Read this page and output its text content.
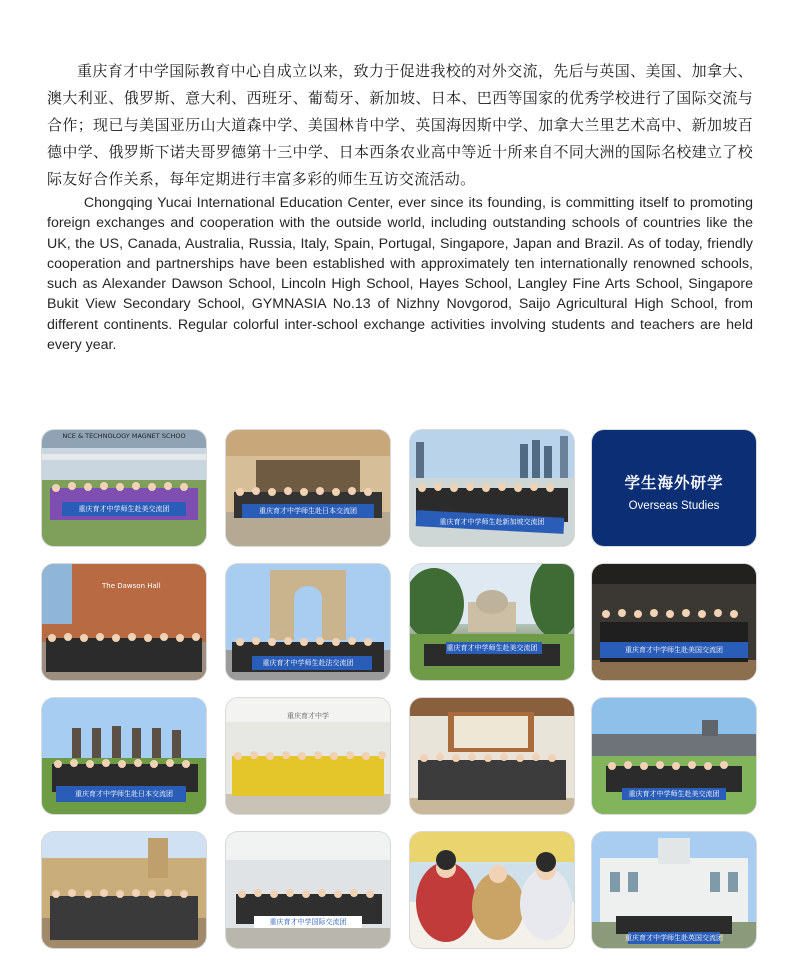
重庆育才中学国际教育中心自成立以来，致力于促进我校的对外交流，先后与英国、美国、加拿大、澳大利亚、俄罗斯、意大利、西班牙、葡萄牙、新加坡、日本、巴西等国家的优秀学校进行了国际交流与合作；现已与美国亚历山大道森中学、美国林肯中学、英国海因斯中学、加拿大兰里艺术高中、新加坡百德中学、俄罗斯下诺夫哥罗德第十三中学、日本西条农业高中等近十所来自不同大洲的国际名校建立了校际友好合作关系，每年定期进行丰富多彩的师生互访交流活动。

Chongqing Yucai International Education Center, ever since its founding, is committing itself to promoting foreign exchanges and cooperation with the outside world, including outstanding schools of countries like the UK, the US, Canada, Australia, Russia, Italy, Spain, Portugal, Singapore, Japan and Brazil. As of today, friendly cooperation and partnerships have been established with approximately ten internationally renowned schools, such as Alexander Dawson School, Lincoln High School, Hayes School, Langley Fine Arts School, Singapore Bukit View Secondary School, GYMNASIA No.13 of Nizhny Novgorod, Saijo Agricultural High School, from different continents. Regular colorful inter-school exchange activities involving students and teachers are held every year.

NCE & TECHNOLOGY MAGNET SCHOO
重庆育才中学师生赴美交流团	重庆育才中学师生赴日本交流团
重庆育才中学师生赴新加坡交流团
学生海外研学
Overseas Studies
The Dawson Hall
重庆育才中学师生赴法交流团
重庆育才中学师生赴美交流团	重庆育才中学师生赴美国交流团
重庆育才中学师生赴日本交流团
重庆育才中学
重庆育才中学师生赴美交流团
重庆育才中学国际交流团
重庆育才中学师生赴英国交流团
